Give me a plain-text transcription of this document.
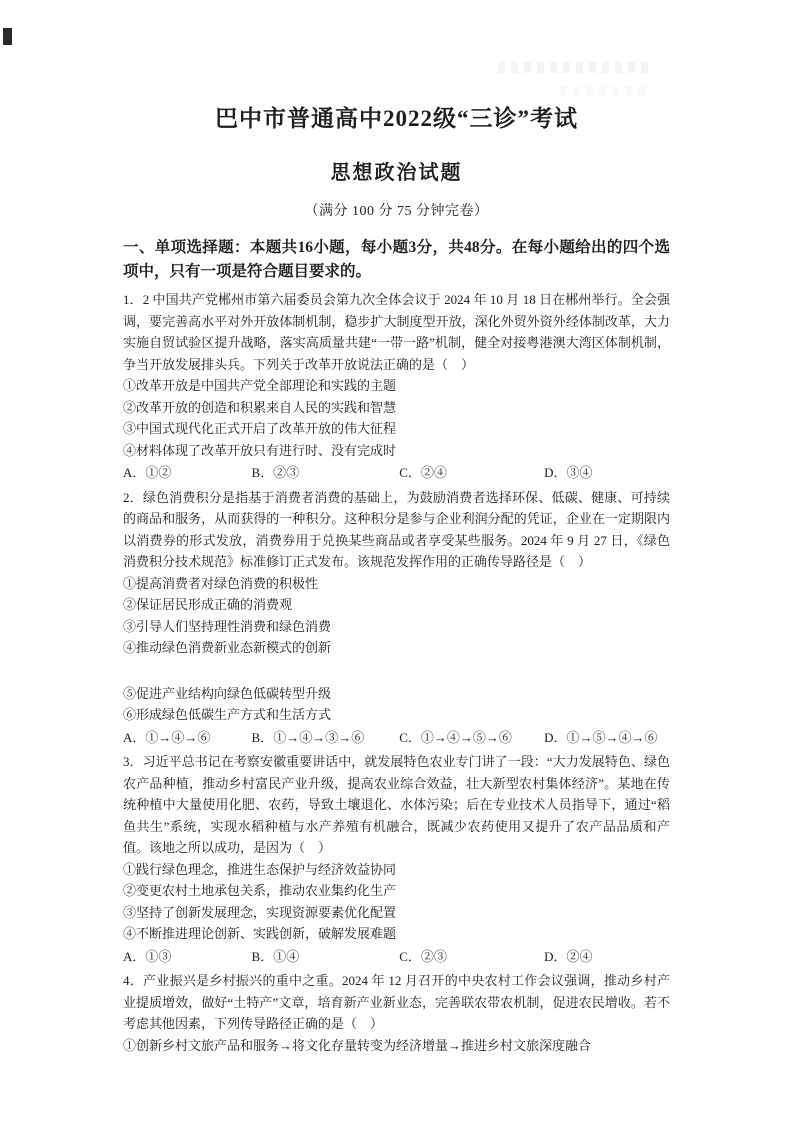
巴中市普通高中2022级“三诊”考试
思想政治试题
（满分 100 分 75 分钟完卷）

一、单项选择题：本题共16小题，每小题3分，共48分。在每小题给出的四个选项中，只有一项是符合题目要求的。

1．2 中国共产党郴州市第六届委员会第九次全体会议于 2024 年 10 月 18 日在郴州举行。全会强调，要完善高水平对外开放体制机制，稳步扩大制度型开放，深化外贸外资外经体制改革，大力实施自贸试验区提升战略，落实高质量共建“一带一路”机制，健全对接粤港澳大湾区体制机制，争当开放发展排头兵。下列关于改革开放说法正确的是（　）

①改革开放是中国共产党全部理论和实践的主题

②改革开放的创造和积累来自人民的实践和智慧

③中国式现代化正式开启了改革开放的伟大征程

④材料体现了改革开放只有进行时、没有完成时

A．①②	B．②③	C．②④	D．③④

2．绿色消费积分是指基于消费者消费的基础上，为鼓励消费者选择环保、低碳、健康、可持续的商品和服务，从而获得的一种积分。这种积分是参与企业利润分配的凭证，企业在一定期限内以消费券的形式发放，消费券用于兑换某些商品或者享受某些服务。2024 年 9 月 27 日，《绿色消费积分技术规范》标准修订正式发布。该规范发挥作用的正确传导路径是（　）

①提高消费者对绿色消费的积极性

②保证居民形成正确的消费观

③引导人们坚持理性消费和绿色消费

④推动绿色消费新业态新模式的创新

⑤促进产业结构向绿色低碳转型升级

⑥形成绿色低碳生产方式和生活方式

A．①→④→⑥	B．①→④→③→⑥	C．①→④→⑤→⑥	D．①→⑤→④→⑥

3．习近平总书记在考察安徽重要讲话中，就发展特色农业专门讲了一段：“大力发展特色、绿色农产品种植，推动乡村富民产业升级，提高农业综合效益，壮大新型农村集体经济”。某地在传统种植中大量使用化肥、农药，导致土壤退化、水体污染；后在专业技术人员指导下，通过“稻鱼共生”系统，实现水稻种植与水产养殖有机融合，既减少农药使用又提升了农产品品质和产值。该地之所以成功，是因为（　）

①践行绿色理念，推进生态保护与经济效益协同

②变更农村土地承包关系，推动农业集约化生产

③坚持了创新发展理念，实现资源要素优化配置

④不断推进理论创新、实践创新，破解发展难题

A．①③	B．①④	C．②③	D．②④

4．产业振兴是乡村振兴的重中之重。2024 年 12 月召开的中央农村工作会议强调，推动乡村产业提质增效，做好“土特产”文章，培育新产业新业态，完善联农带农机制，促进农民增收。若不考虑其他因素，下列传导路径正确的是（　）

①创新乡村文旅产品和服务→将文化存量转变为经济增量→推进乡村文旅深度融合
